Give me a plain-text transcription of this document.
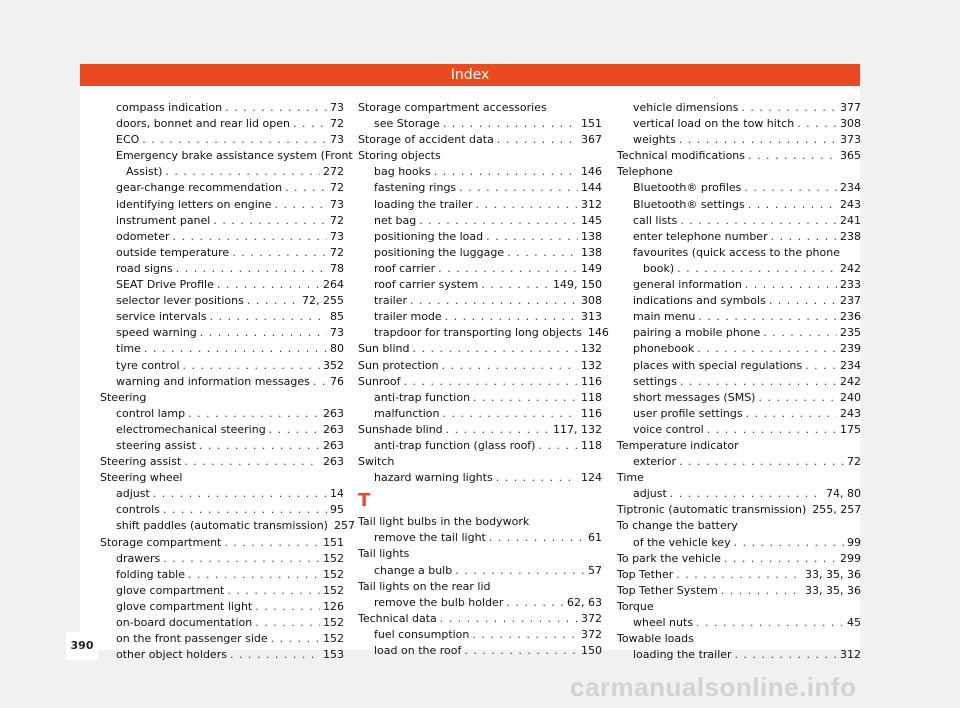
Index
compass indication . . .	73
doors, bonnet and rear lid open . . .	72
ECO . . .	73
Emergency brake assistance system (Front
Assist) . . .	272
gear-change recommendation . . .	72
identifying letters on engine . . .	73
instrument panel . . .	72
odometer . . .	73
outside temperature . . .	72
road signs . . .	78
SEAT Drive Profile . . .	264
selector lever positions . . .	72, 255
service intervals . . .	85
speed warning . . .	73
time . . .	80
tyre control . . .	352
warning and information messages . . . 76
Steering
control lamp . . .	263
electromechanical steering . . .	263
steering assist . . .	263
Steering assist . . .	263
Steering wheel
adjust . . .	14
controls . . .	95
shift paddles (automatic transmission) 257
Storage compartment . . .	151
drawers . . .	152
folding table . . .	152
glove compartment . . .	152
glove compartment light . . .	126
on-board documentation . . .	152
on the front passenger side . . .	152
other object holders . . .	153
Storage compartment accessories
see Storage . . .	151
Storage of accident data . . .	367
Storing objects
bag hooks . . .	146
fastening rings . . .	144
loading the trailer . . .	312
net bag . . .	145
positioning the load . . .	138
positioning the luggage . . .	138
roof carrier . . .	149
roof carrier system . . .	149, 150
trailer . . .	308
trailer mode . . .	313
trapdoor for transporting long objects 146
Sun blind . . .	132
Sun protection . . .	132
Sunroof . . .	116
anti-trap function . . .	118
malfunction . . .	116
Sunshade blind . . .	117, 132
anti-trap function (glass roof) . . .	118
Switch
hazard warning lights . . .	124
T
Tail light bulbs in the bodywork
remove the tail light . . .	61
Tail lights
change a bulb . . .	57
Tail lights on the rear lid
remove the bulb holder . . .	62, 63
Technical data . . .	372
fuel consumption . . .	372
load on the roof . . .	150
vehicle dimensions . . .	377
vertical load on the tow hitch . . .	308
weights . . .	373
Technical modifications . . .	365
Telephone
Bluetooth® profiles . . .	234
Bluetooth® settings . . .	243
call lists . . .	241
enter telephone number . . .	238
favourites (quick access to the phone
book) . . .	242
general information . . .	233
indications and symbols . . .	237
main menu . . .	236
pairing a mobile phone . . .	235
phonebook . . .	239
places with special regulations . . .	234
settings . . .	242
short messages (SMS) . . .	240
user profile settings . . .	243
voice control . . .	175
Temperature indicator
exterior . . .	72
Time
adjust . . .	74, 80
Tiptronic (automatic transmission) 255, 257
To change the battery
of the vehicle key . . .	99
To park the vehicle . . .	299
Top Tether . . .	33, 35, 36
Top Tether System . . .	33, 35, 36
Torque
wheel nuts . . .	45
Towable loads
loading the trailer . . .	312
390
carmanualsonline.info
